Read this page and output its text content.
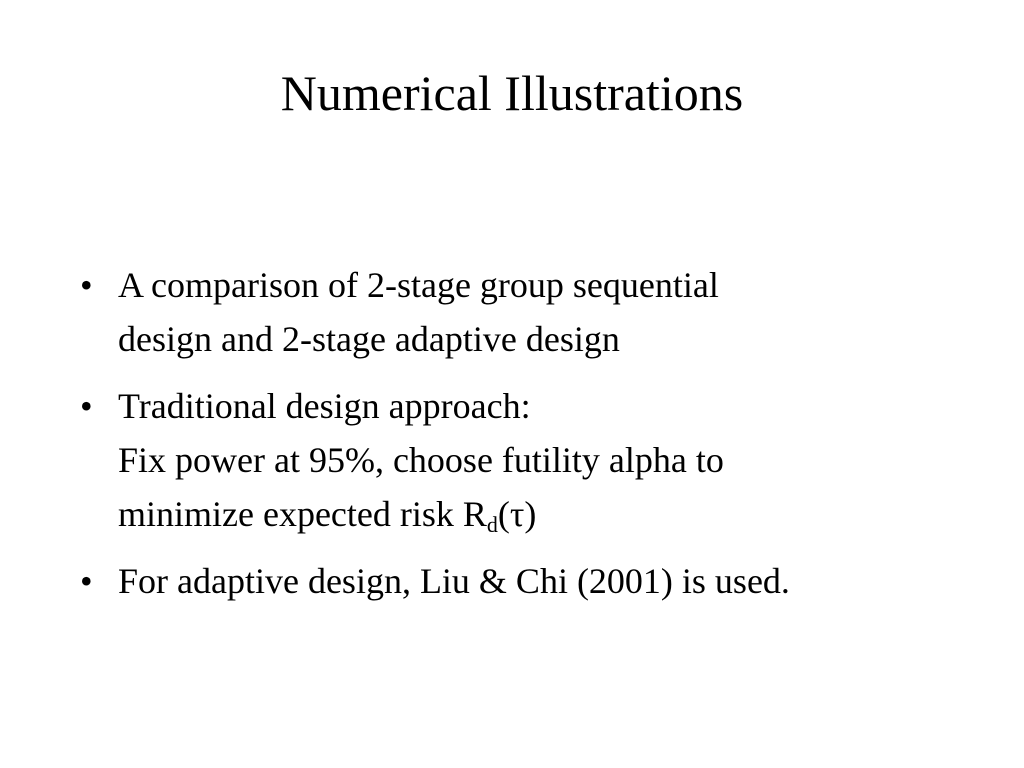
Numerical Illustrations
• A comparison of 2-stage group sequential
design and 2-stage adaptive design
• Traditional design approach:
Fix power at 95%, choose futility alpha to
minimize expected risk $R_d(\tau)$
• For adaptive design, Liu & Chi (2001) is used.
